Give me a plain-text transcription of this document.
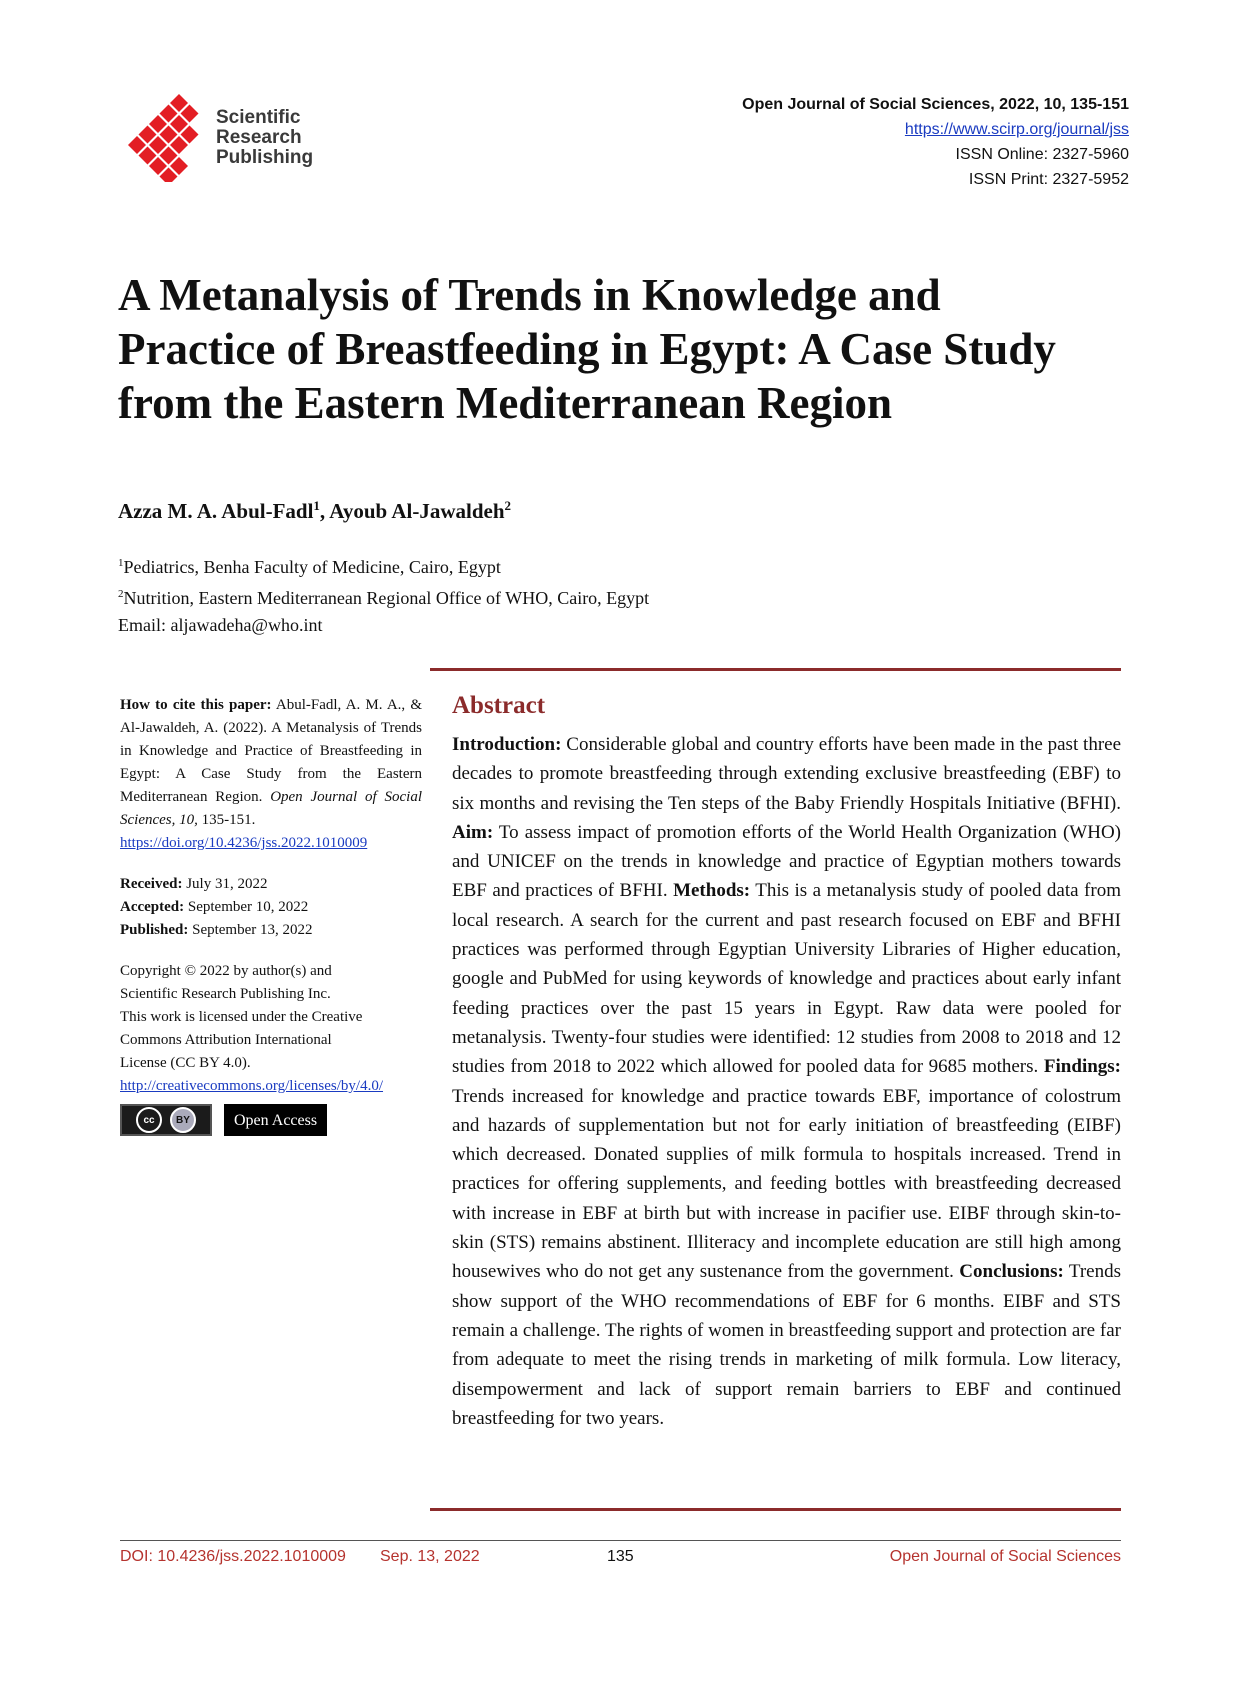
Scientific
Research
Publishing
Open Journal of Social Sciences, 2022, 10, 135-151
https://www.scirp.org/journal/jss
ISSN Online: 2327-5960
ISSN Print: 2327-5952
A Metanalysis of Trends in Knowledge and
Practice of Breastfeeding in Egypt: A Case Study
from the Eastern Mediterranean Region
Azza M. A. Abul-Fadl$^1$, Ayoub Al-Jawaldeh$^2$
$^1$Pediatrics, Benha Faculty of Medicine, Cairo, Egypt
$^2$Nutrition, Eastern Mediterranean Regional Office of WHO, Cairo, Egypt
Email: aljawadeha@who.int
How to cite this paper: Abul-Fadl, A. M. A., & Al-Jawaldeh, A. (2022). A Metanalysis of Trends in Knowledge and Practice of Breastfeeding in Egypt: A Case Study from the Eastern Mediterranean Region. Open Journal of Social Sciences, 10, 135-151.
https://doi.org/10.4236/jss.2022.1010009
Received: July 31, 2022
Accepted: September 10, 2022
Published: September 13, 2022
Copyright © 2022 by author(s) and
Scientific Research Publishing Inc.
This work is licensed under the Creative
Commons Attribution International
License (CC BY 4.0).
http://creativecommons.org/licenses/by/4.0/
cc	BY	Open Access
Abstract
Introduction: Considerable global and country efforts have been made in the past three decades to promote breastfeeding through extending exclusive breastfeeding (EBF) to six months and revising the Ten steps of the Baby Friendly Hospitals Initiative (BFHI). Aim: To assess impact of promotion efforts of the World Health Organization (WHO) and UNICEF on the trends in knowledge and practice of Egyptian mothers towards EBF and practices of BFHI. Methods: This is a metanalysis study of pooled data from local research. A search for the current and past research focused on EBF and BFHI practices was performed through Egyptian University Libraries of Higher education, google and PubMed for using keywords of knowledge and practices about early infant feeding practices over the past 15 years in Egypt. Raw data were pooled for metanalysis. Twenty-four studies were identified: 12 studies from 2008 to 2018 and 12 studies from 2018 to 2022 which allowed for pooled data for 9685 mothers. Findings: Trends increased for knowledge and practice towards EBF, importance of colostrum and hazards of supplementation but not for early initiation of breastfeeding (EIBF) which decreased. Donated supplies of milk formula to hospitals increased. Trend in practices for offering supplements, and feeding bottles with breastfeeding decreased with increase in EBF at birth but with increase in pacifier use. EIBF through skin-to-skin (STS) remains abstinent. Illiteracy and incomplete education are still high among housewives who do not get any sustenance from the government. Conclusions: Trends show support of the WHO recommendations of EBF for 6 months. EIBF and STS remain a challenge. The rights of women in breastfeeding support and protection are far from adequate to meet the rising trends in marketing of milk formula. Low literacy, disempowerment and lack of support remain barriers to EBF and continued breastfeeding for two years.
DOI: 10.4236/jss.2022.1010009 Sep. 13, 2022	135	Open Journal of Social Sciences
